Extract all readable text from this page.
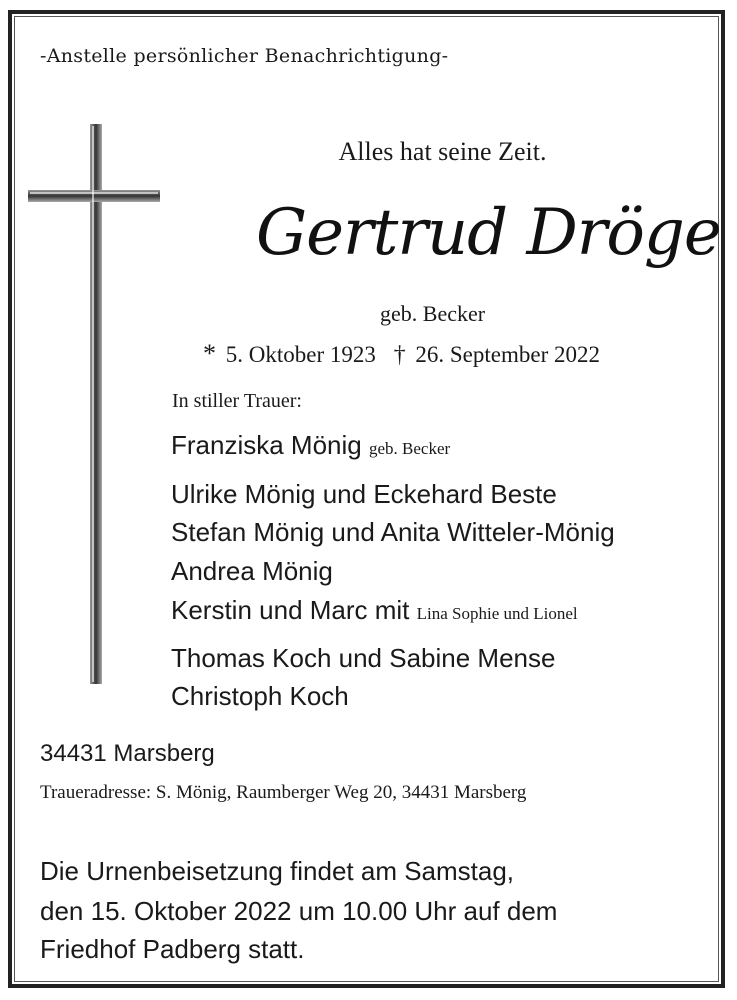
-Anstelle persönlicher Benachrichtigung-
Alles hat seine Zeit.
Gertrud Dröge
geb. Becker
* 5. Oktober 1923 † 26. September 2022
In stiller Trauer:
Franziska Mönig geb. Becker
Ulrike Mönig und Eckehard Beste
Stefan Mönig und Anita Witteler-Mönig
Andrea Mönig
Kerstin und Marc mit Lina Sophie und Lionel
Thomas Koch und Sabine Mense
Christoph Koch
34431 Marsberg
Traueradresse: S. Mönig, Raumberger Weg 20, 34431 Marsberg
Die Urnenbeisetzung findet am Samstag,
den 15. Oktober 2022 um 10.00 Uhr auf dem
Friedhof Padberg statt.
